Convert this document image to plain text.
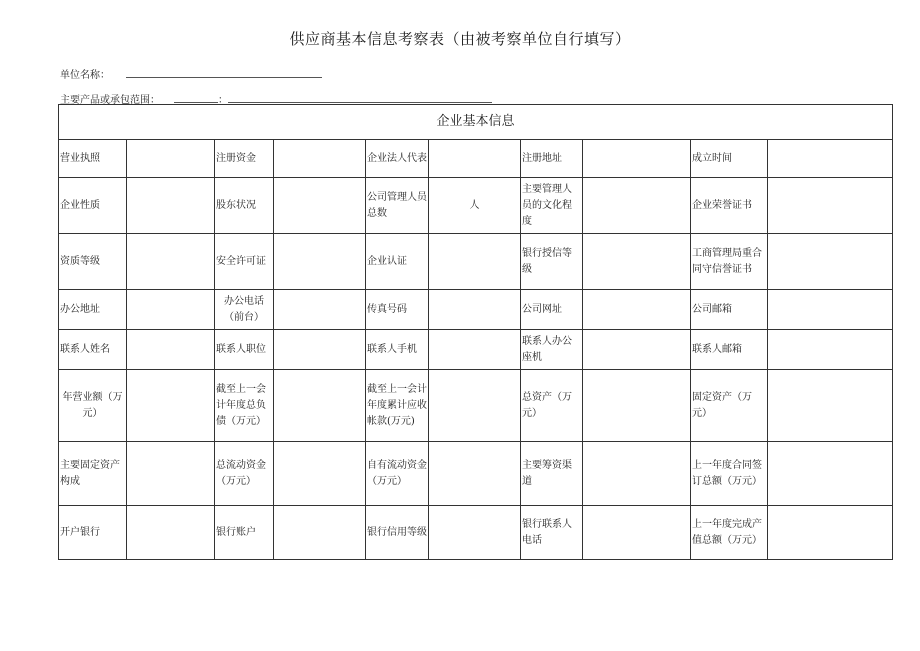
供应商基本信息考察表（由被考察单位自行填写）
单位名称：
主要产品或承包范围：	：
企业基本信息									
营业执照		注册资金		企业法人代表		注册地址		成立时间	
企业性质		股东状况		公司管理人员总数	人	主要管理人员的文化程度		企业荣誉证书	
资质等级		安全许可证		企业认证		银行授信等级		工商管理局重合同守信誉证书	
办公地址		办公电话（前台）		传真号码		公司网址		公司邮箱	
联系人姓名		联系人职位		联系人手机		联系人办公座机		联系人邮箱	
年营业额（万元）		截至上一会计年度总负债（万元）		截至上一会计年度累计应收帐款(万元)		总资产（万元）		固定资产（万元）	
主要固定资产构成		总流动资金（万元）		自有流动资金（万元）		主要筹资渠道		上一年度合同签订总额（万元）	
开户银行		银行账户		银行信用等级		银行联系人电话		上一年度完成产值总额（万元）	
